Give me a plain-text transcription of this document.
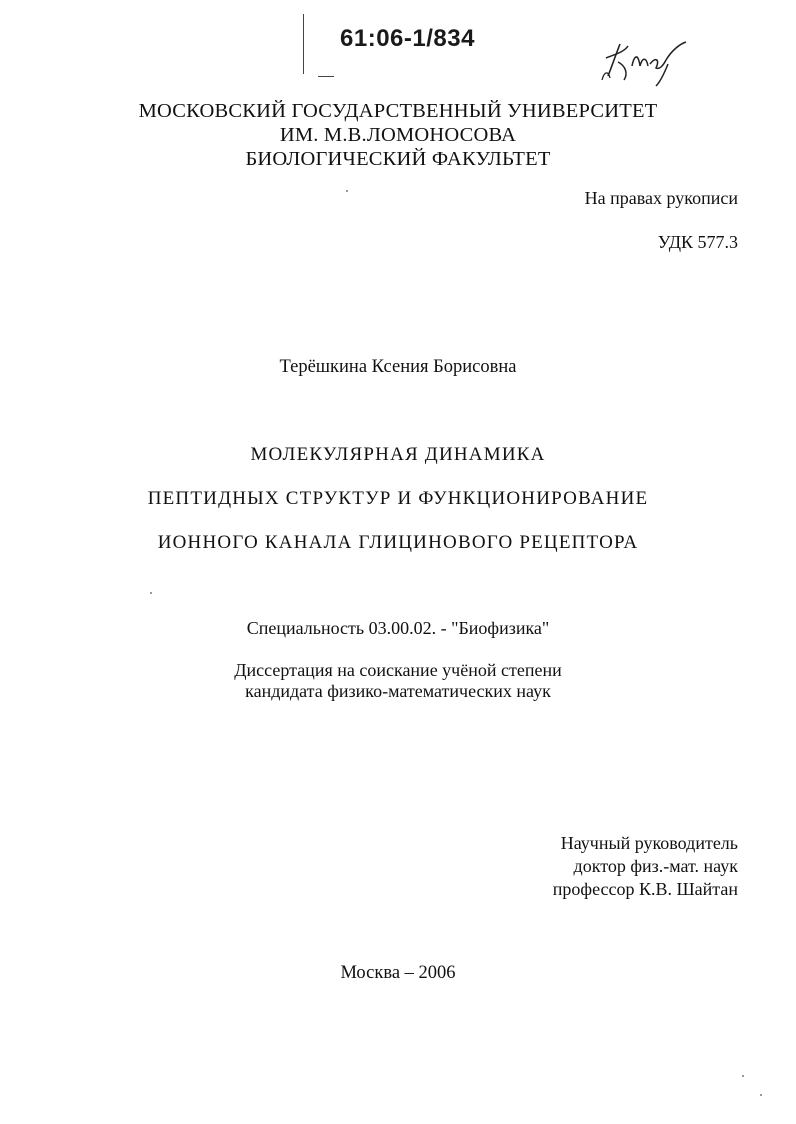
61:06-1/834
МОСКОВСКИЙ ГОСУДАРСТВЕННЫЙ УНИВЕРСИТЕТ
ИМ. М.В.ЛОМОНОСОВА
БИОЛОГИЧЕСКИЙ ФАКУЛЬТЕТ
На правах рукописи
УДК 577.3
Терёшкина Ксения Борисовна
МОЛЕКУЛЯРНАЯ ДИНАМИКА
ПЕПТИДНЫХ СТРУКТУР И ФУНКЦИОНИРОВАНИЕ
ИОННОГО КАНАЛА ГЛИЦИНОВОГО РЕЦЕПТОРА
Специальность 03.00.02. - "Биофизика"
Диссертация на соискание учёной степени
кандидата физико-математических наук
Научный руководитель
доктор физ.-мат. наук
профессор К.В. Шайтан
Москва – 2006
